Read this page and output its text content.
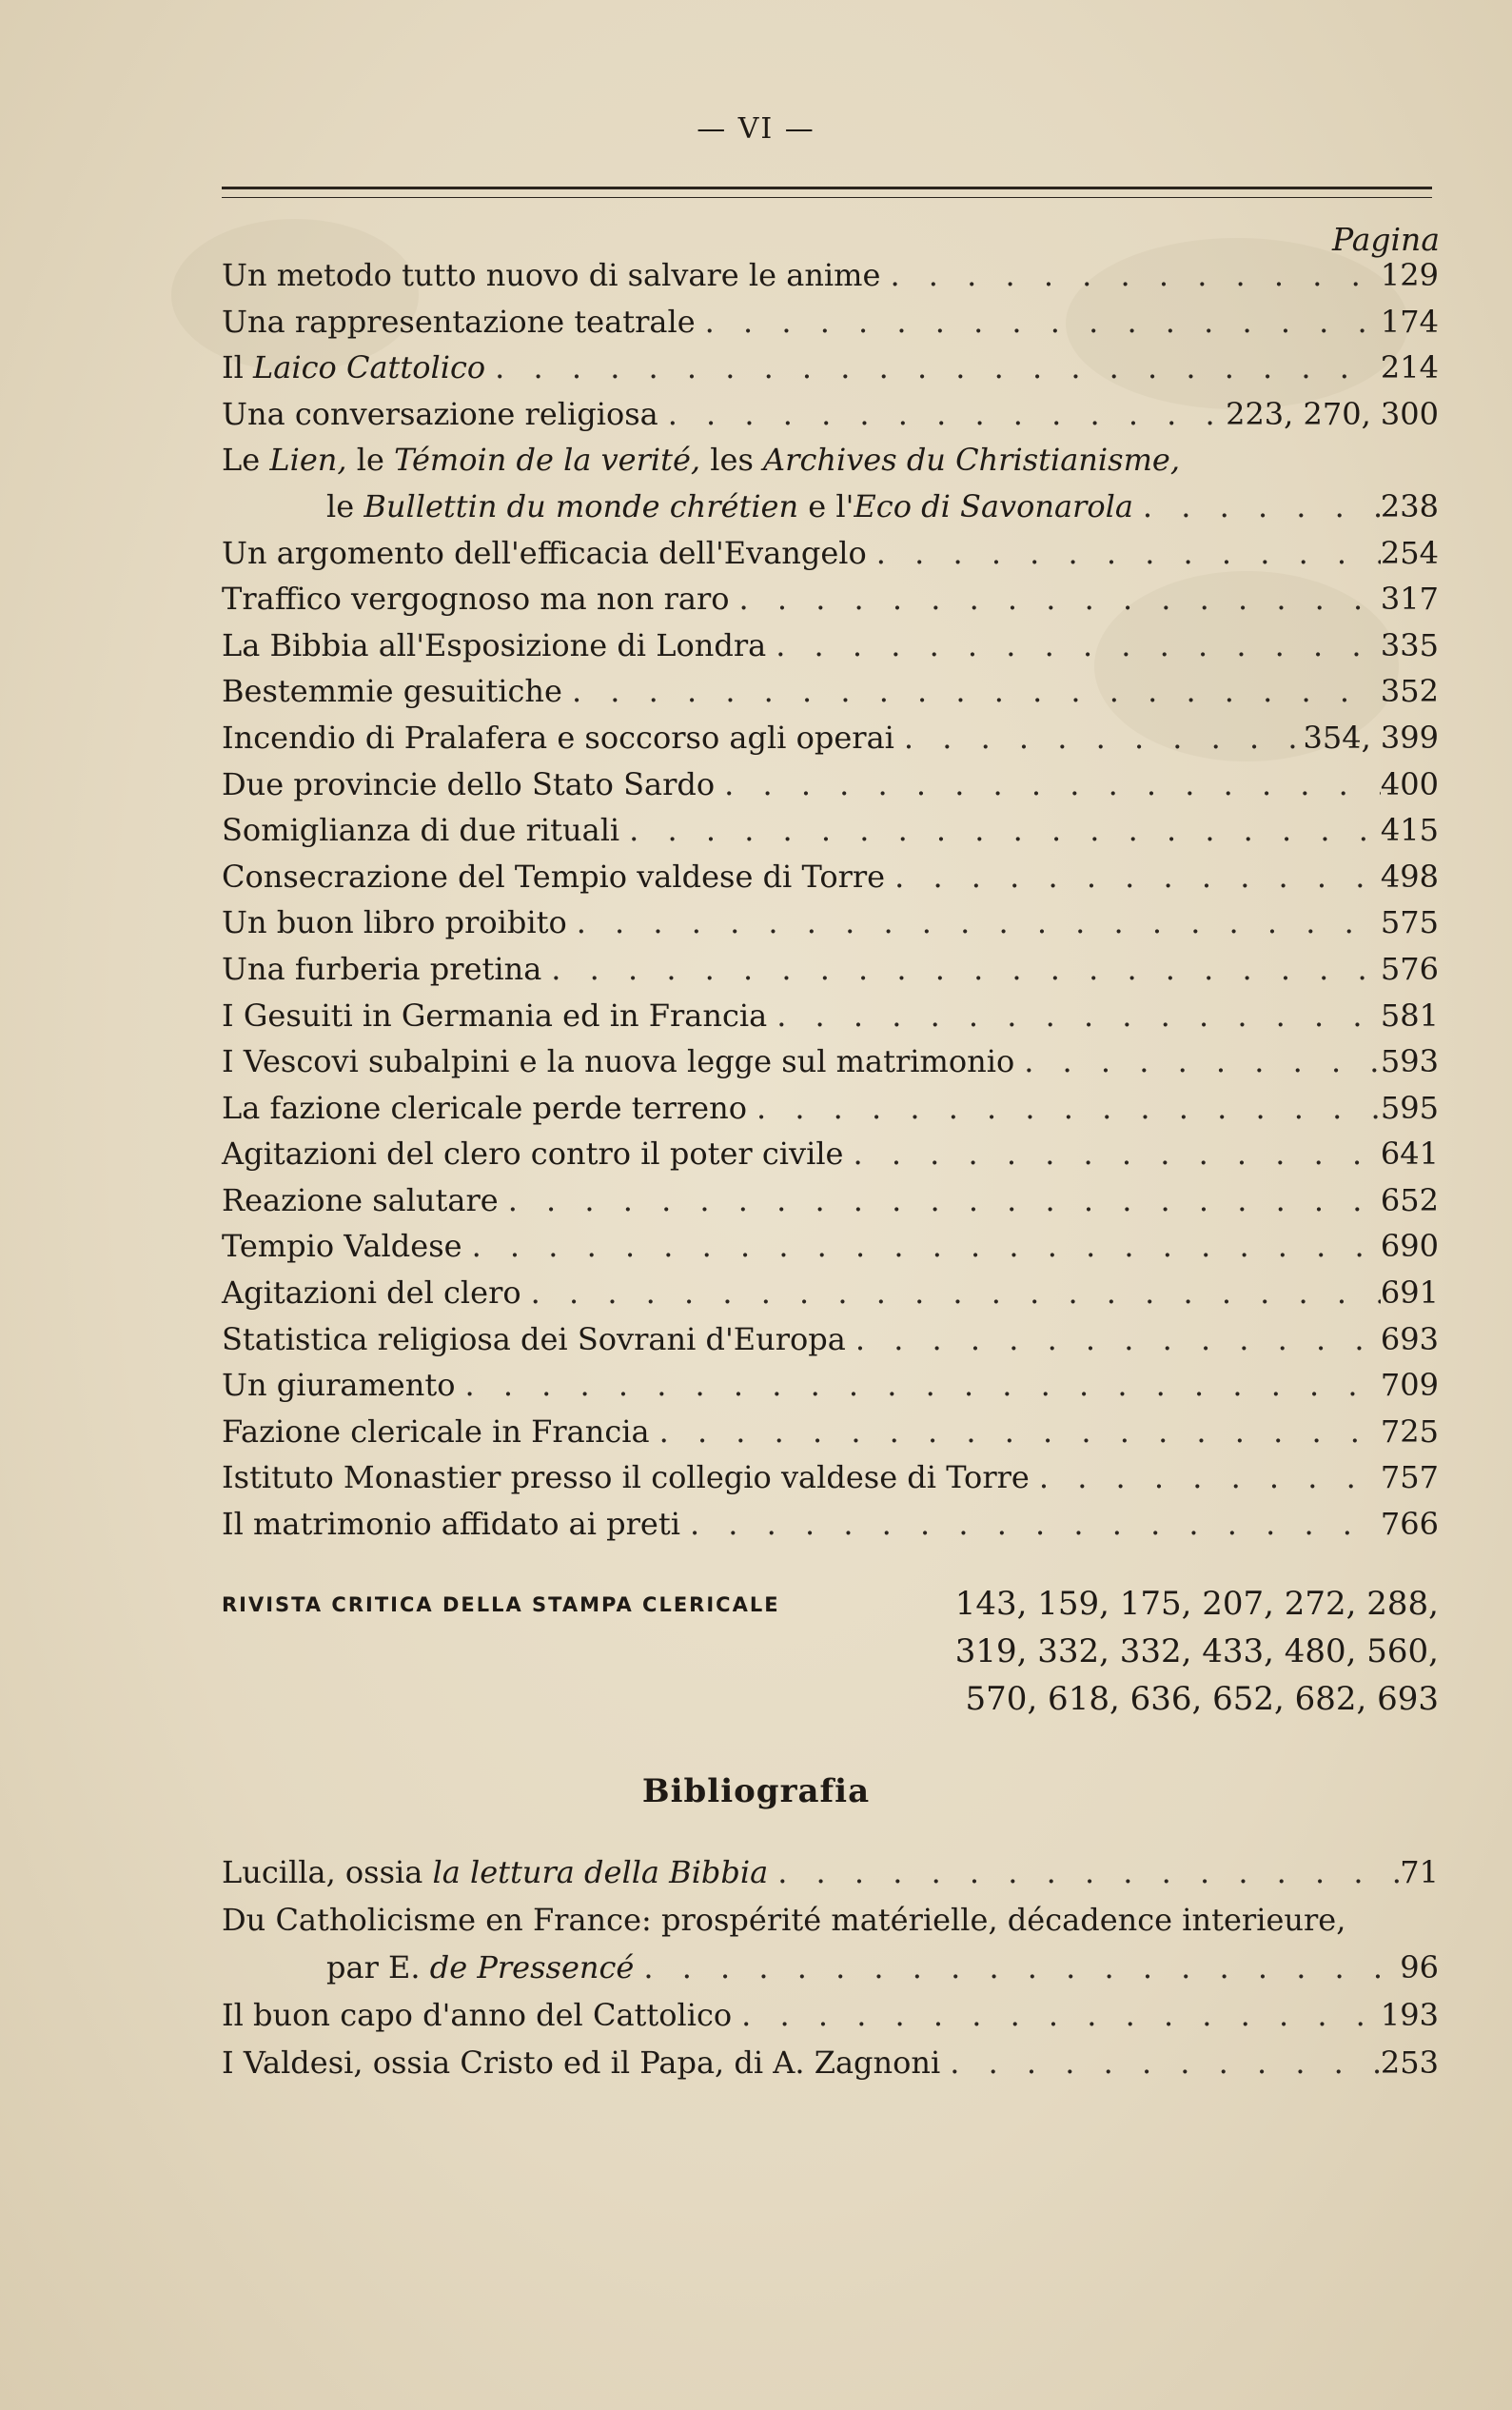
— VI —
Pagina
Un metodo tutto nuovo di salvare le anime . . .	129
Una rappresentazione teatrale . . .	174
Il Laico Cattolico . . .	214
Una conversazione religiosa . . .	223, 270, 300
Le Lien, le Témoin de la verité, les Archives du Christianisme,
le Bullettin du monde chrétien e l'Eco di Savonarola . . .	238
Un argomento dell'efficacia dell'Evangelo . . .	254
Traffico vergognoso ma non raro . . .	317
La Bibbia all'Esposizione di Londra . . .	335
Bestemmie gesuitiche . . .	352
Incendio di Pralafera e soccorso agli operai . . .	354, 399
Due provincie dello Stato Sardo . . .	400
Somiglianza di due rituali . . .	415
Consecrazione del Tempio valdese di Torre . . .	498
Un buon libro proibito . . .	575
Una furberia pretina . . .	576
I Gesuiti in Germania ed in Francia . . .	581
I Vescovi subalpini e la nuova legge sul matrimonio . . .	593
La fazione clericale perde terreno . . .	595
Agitazioni del clero contro il poter civile . . .	641
Reazione salutare . . .	652
Tempio Valdese . . .	690
Agitazioni del clero . . .	691
Statistica religiosa dei Sovrani d'Europa . . .	693
Un giuramento . . .	709
Fazione clericale in Francia . . .	725
Istituto Monastier presso il collegio valdese di Torre . . .	757
Il matrimonio affidato ai preti . . .	766
RIVISTA CRITICA DELLA STAMPA CLERICALE	143, 159, 175, 207, 272, 288,
319, 332, 332, 433, 480, 560,
570, 618, 636, 652, 682, 693
Bibliografia
Lucilla, ossia la lettura della Bibbia . . .	71
Du Catholicisme en France: prospérité matérielle, décadence interieure,
par E. de Pressencé . . .	96
Il buon capo d'anno del Cattolico . . .	193
I Valdesi, ossia Cristo ed il Papa, di A. Zagnoni . . .	253
